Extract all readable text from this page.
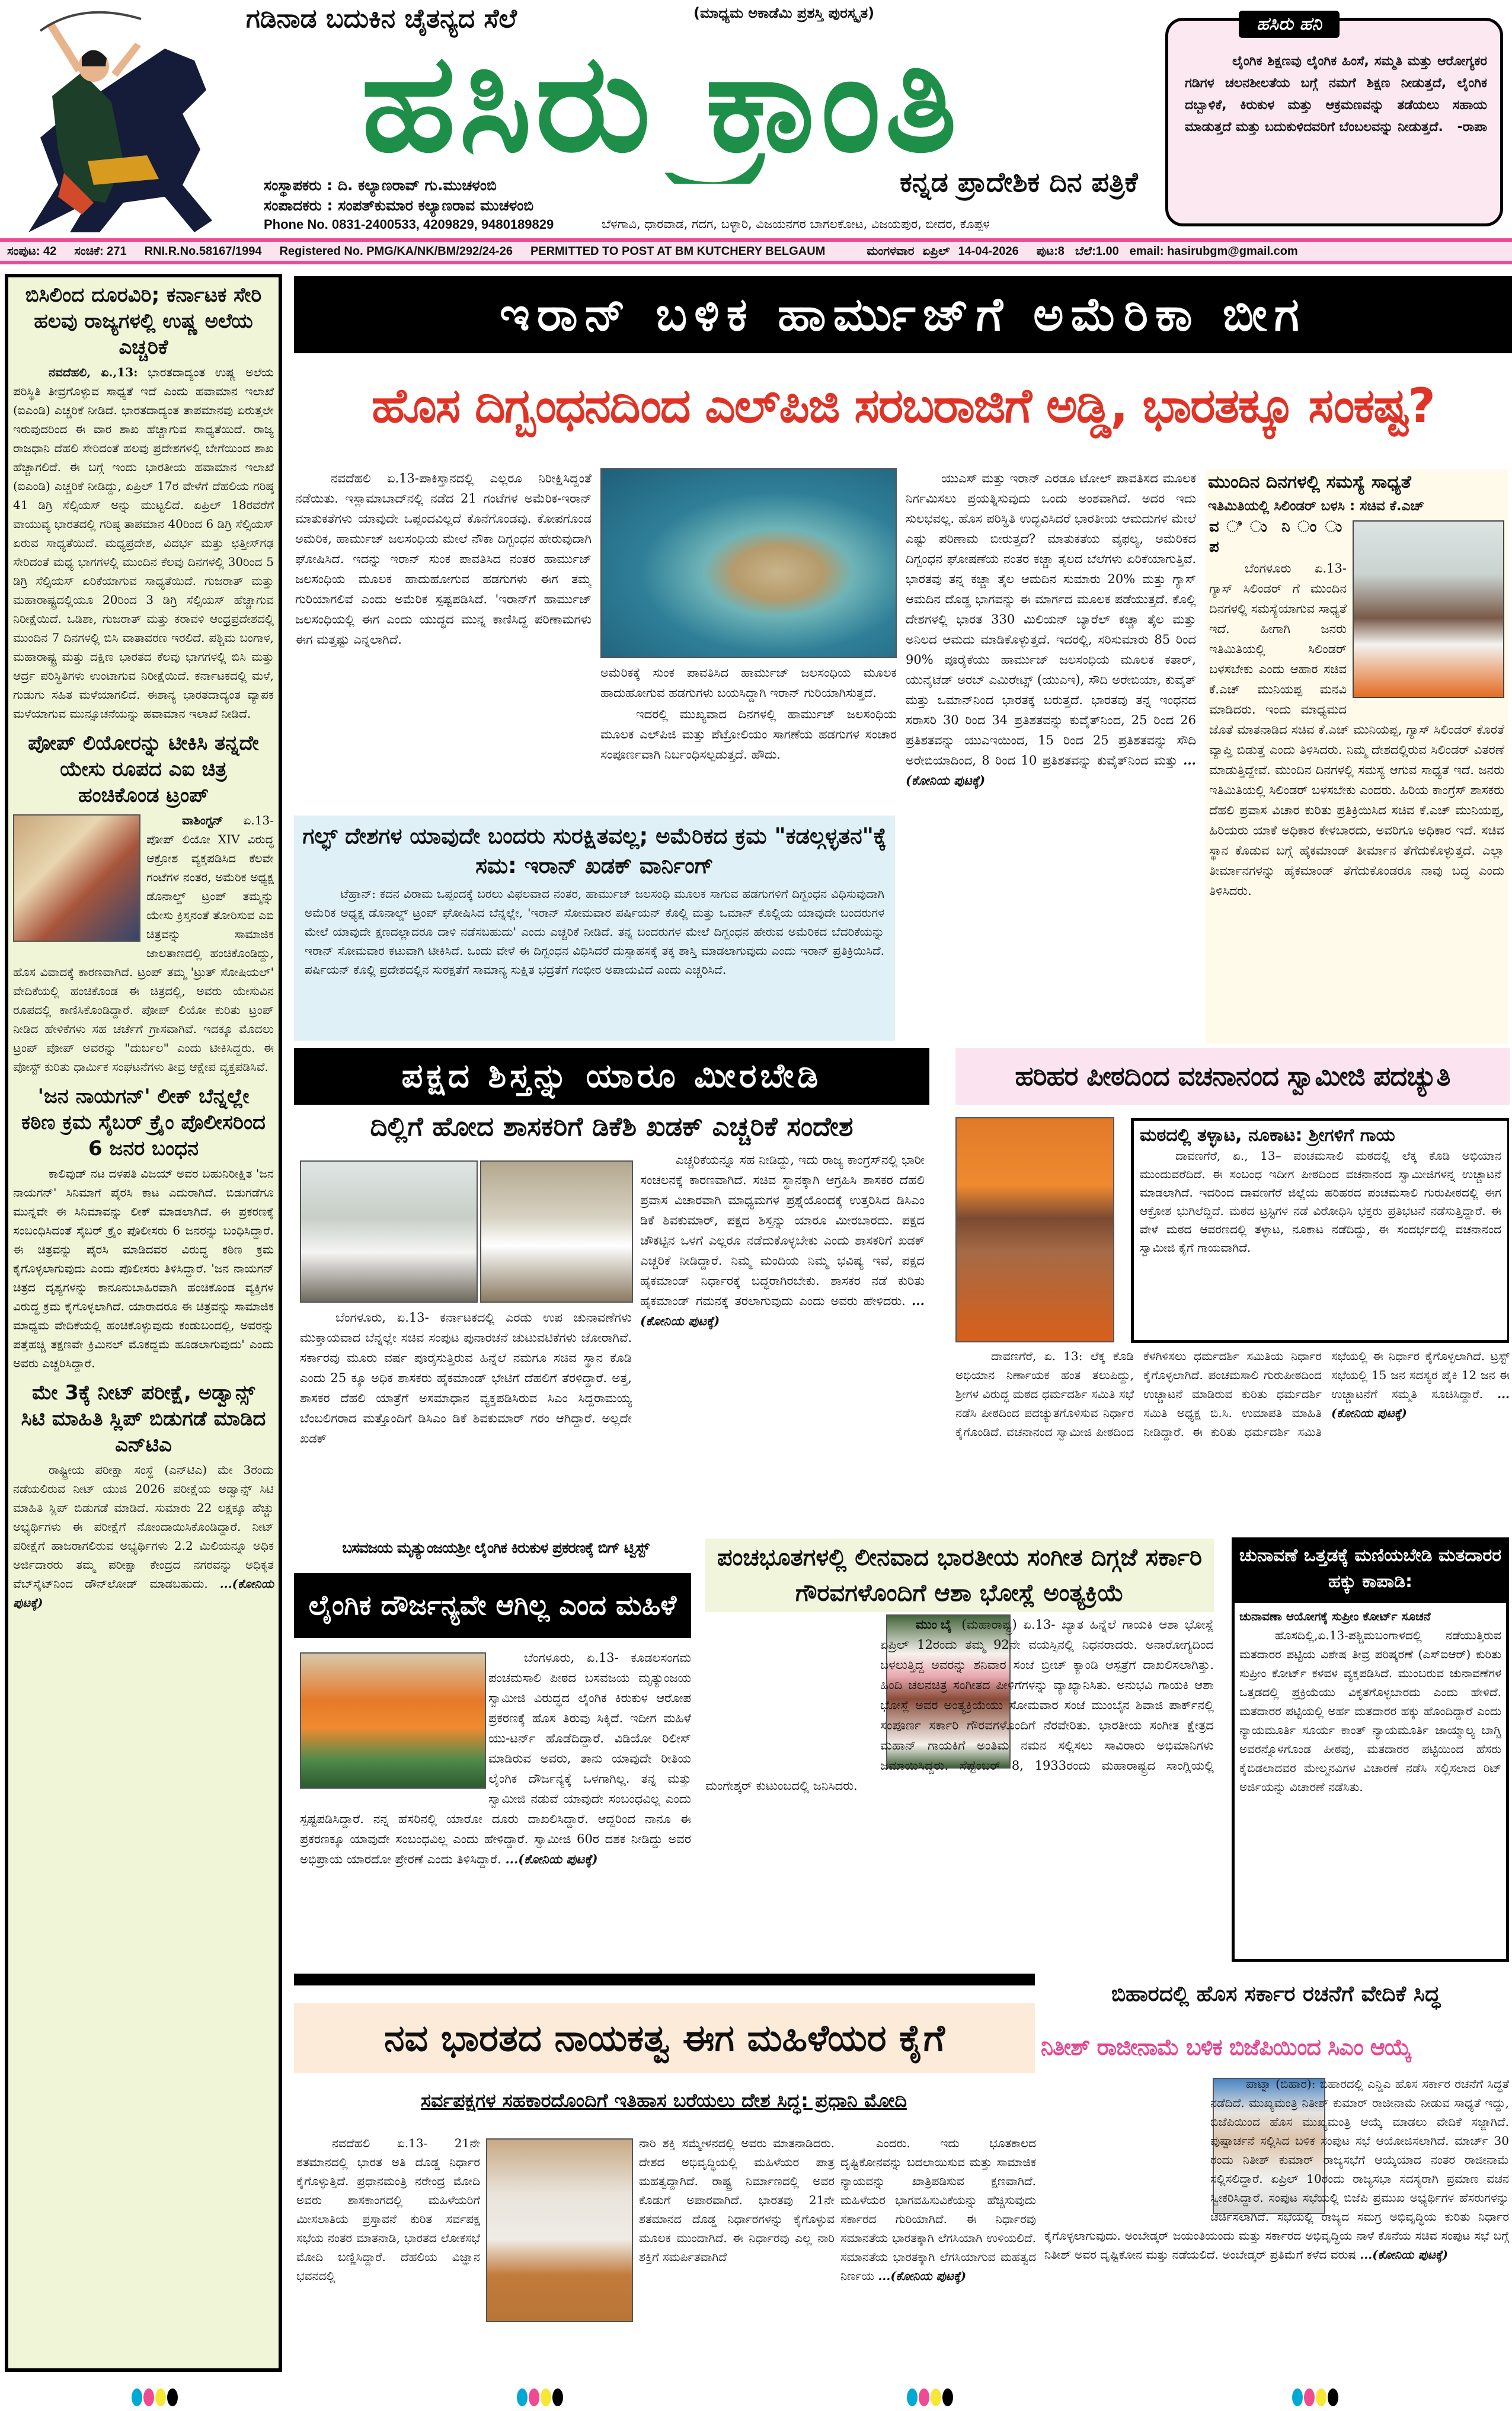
ಗಡಿನಾಡ ಬದುಕಿನ ಚೈತನ್ಯದ ಸೆಲೆ	(ಮಾಧ್ಯಮ ಅಕಾಡೆಮಿ ಪ್ರಶಸ್ತಿ ಪುರಸ್ಕೃತ)
ಹಸಿರು ಕ್ರಾಂತಿ
ಕನ್ನಡ ಪ್ರಾದೇಶಿಕ ದಿನ ಪತ್ರಿಕೆ
ಸಂಸ್ಥಾಪಕರು : ದಿ. ಕಲ್ಯಾಣರಾವ್ ಗು.ಮುಚಳಂಬಿ
ಸಂಪಾದಕರು : ಸಂಪತ್‌ಕುಮಾರ ಕಲ್ಯಾಣರಾವ ಮುಚಳಂಬಿ
Phone No. 0831-2400533, 4209829, 9480189829	ಬೆಳಗಾವಿ, ಧಾರವಾಡ, ಗದಗ, ಬಳ್ಳಾರಿ, ವಿಜಯನಗರ ಬಾಗಲಕೋಟ, ವಿಜಯಪುರ, ಬೀದರ, ಕೊಪ್ಪಳ
ಲೈಂಗಿಕ ಶಿಕ್ಷಣವು ಲೈಂಗಿಕ ಹಿಂಸೆ, ಸಮ್ಮತಿ ಮತ್ತು ಆರೋಗ್ಯಕರ ಗಡಿಗಳ ಚಲನಶೀಲತೆಯ ಬಗ್ಗೆ ನಮಗೆ ಶಿಕ್ಷಣ ನೀಡುತ್ತದೆ, ಲೈಂಗಿಕ ದಬ್ಬಾಳಿಕೆ, ಕಿರುಕುಳ ಮತ್ತು ಆಕ್ರಮಣವನ್ನು ತಡೆಯಲು ಸಹಾಯ ಮಾಡುತ್ತದೆ ಮತ್ತು ಬದುಕುಳಿದವರಿಗೆ ಬೆಂಬಲವನ್ನು ನೀಡುತ್ತದೆ.	-ರಾಪಾ
ಹಸಿರು ಹನಿ
ಸಂಪುಟ: 42 ಸಂಚಿಕೆ: 271 RNI.R.No.58167/1994 Registered No. PMG/KA/NK/BM/292/24-26 PERMITTED TO POST AT BM KUTCHERY BELGAUM	ಮಂಗಳವಾರ ಏಪ್ರಿಲ್ 14-04-2026 ಪುಟ:8 ಬೆಲೆ:1.00 email: hasirubgm@gmail.com
ಬಿಸಿಲಿಂದ ದೂರವಿರಿ; ಕರ್ನಾಟಕ ಸೇರಿ ಹಲವು ರಾಜ್ಯಗಳಲ್ಲಿ ಉಷ್ಣ ಅಲೆಯ ಎಚ್ಚರಿಕೆ

ನವದೆಹಲಿ, ಏ.,13: ಭಾರತದಾದ್ಯಂತ ಉಷ್ಣ ಅಲೆಯ ಪರಿಸ್ಥಿತಿ ತೀವ್ರಗೊಳ್ಳುವ ಸಾಧ್ಯತೆ ಇದೆ ಎಂದು ಹವಾಮಾನ ಇಲಾಖೆ (ಐಎಂಡಿ) ಎಚ್ಚರಿಕೆ ನೀಡಿದೆ. ಭಾರತದಾದ್ಯಂತ ತಾಪಮಾನವು ಏರುತ್ತಲೇ ಇರುವುದರಿಂದ ಈ ವಾರ ಶಾಖ ಹೆಚ್ಚಾಗುವ ಸಾಧ್ಯತೆಯಿದೆ. ರಾಜ್ಯ ರಾಜಧಾನಿ ದೆಹಲಿ ಸೇರಿದಂತೆ ಹಲವು ಪ್ರದೇಶಗಳಲ್ಲಿ ಬೇಗೆಯಿಂದ ಶಾಖ ಹೆಚ್ಚಾಗಲಿದೆ. ಈ ಬಗ್ಗೆ ಇಂದು ಭಾರತೀಯ ಹವಾಮಾನ ಇಲಾಖೆ (ಐಎಂಡಿ) ಎಚ್ಚರಿಕೆ ನೀಡಿದ್ದು, ಏಪ್ರಿಲ್ 17ರ ವೇಳೆಗೆ ದೆಹಲಿಯ ಗರಿಷ್ಠ 41 ಡಿಗ್ರಿ ಸೆಲ್ಸಿಯಸ್ ಅನ್ನು ಮುಟ್ಟಲಿದೆ. ಏಪ್ರಿಲ್ 18ರವರೆಗೆ ವಾಯುವ್ಯ ಭಾರತದಲ್ಲಿ ಗರಿಷ್ಠ ತಾಪಮಾನ 40ರಿಂದ 6 ಡಿಗ್ರಿ ಸೆಲ್ಸಿಯಸ್ ಏರುವ ಸಾಧ್ಯತೆಯಿದೆ. ಮಧ್ಯಪ್ರದೇಶ, ವಿದರ್ಭ ಮತ್ತು ಛತ್ತೀಸ್‌ಗಢ ಸೇರಿದಂತೆ ಮಧ್ಯ ಭಾಗಗಳಲ್ಲಿ ಮುಂದಿನ ಕೆಲವು ದಿನಗಳಲ್ಲಿ 30ರಿಂದ 5 ಡಿಗ್ರಿ ಸೆಲ್ಸಿಯಸ್ ಏರಿಕೆಯಾಗುವ ಸಾಧ್ಯತೆಯಿದೆ. ಗುಜರಾತ್ ಮತ್ತು ಮಹಾರಾಷ್ಟ್ರದಲ್ಲಿಯೂ 20ರಿಂದ 3 ಡಿಗ್ರಿ ಸೆಲ್ಸಿಯಸ್ ಹೆಚ್ಚಾಗುವ ನಿರೀಕ್ಷೆಯಿದೆ. ಒಡಿಶಾ, ಗುಜರಾತ್ ಮತ್ತು ಕರಾವಳಿ ಆಂಧ್ರಪ್ರದೇಶದಲ್ಲಿ ಮುಂದಿನ 7 ದಿನಗಳಲ್ಲಿ ಬಿಸಿ ವಾತಾವರಣ ಇರಲಿದೆ. ಪಶ್ಚಿಮ ಬಂಗಾಳ, ಮಹಾರಾಷ್ಟ್ರ ಮತ್ತು ದಕ್ಷಿಣ ಭಾರತದ ಕೆಲವು ಭಾಗಗಳಲ್ಲಿ ಬಿಸಿ ಮತ್ತು ಆರ್ದ್ರ ಪರಿಸ್ಥಿತಿಗಳು ಉಂಟಾಗುವ ನಿರೀಕ್ಷೆಯಿದೆ. ಕರ್ನಾಟಕದಲ್ಲಿ ಮಳೆ, ಗುಡುಗು ಸಹಿತ ಮಳೆಯಾಗಲಿದೆ. ಈಶಾನ್ಯ ಭಾರತದಾದ್ಯಂತ ವ್ಯಾಪಕ ಮಳೆಯಾಗುವ ಮುನ್ಸೂಚನೆಯನ್ನು ಹವಾಮಾನ ಇಲಾಖೆ ನೀಡಿದೆ.

ಪೋಪ್ ಲಿಯೋರನ್ನು ಟೀಕಿಸಿ ತನ್ನದೇ ಯೇಸು ರೂಪದ ಎಐ ಚಿತ್ರ ಹಂಚಿಕೊಂಡ ಟ್ರಂಪ್

ವಾಶಿಂಗ್ಟನ್ ಏ.13-ಪೋಪ್ ಲಿಯೋ XIV ವಿರುದ್ಧ ಆಕ್ರೋಶ ವ್ಯಕ್ತಪಡಿಸಿದ ಕೆಲವೇ ಗಂಟೆಗಳ ನಂತರ, ಅಮೆರಿಕ ಅಧ್ಯಕ್ಷ ಡೊನಾಲ್ಡ್ ಟ್ರಂಪ್ ತಮ್ಮನ್ನು ಯೇಸು ಕ್ರಿಸ್ತನಂತೆ ತೋರಿಸುವ ಎಐ ಚಿತ್ರವನ್ನು ಸಾಮಾಜಿಕ ಜಾಲತಾಣದಲ್ಲಿ ಹಂಚಿಕೊಂಡಿದ್ದು, ಹೊಸ ವಿವಾದಕ್ಕೆ ಕಾರಣವಾಗಿದೆ. ಟ್ರಂಪ್ ತಮ್ಮ 'ಟ್ರುತ್ ಸೋಷಿಯಲ್' ವೇದಿಕೆಯಲ್ಲಿ ಹಂಚಿಕೊಂಡ ಈ ಚಿತ್ರದಲ್ಲಿ, ಅವರು ಯೇಸುವಿನ ರೂಪದಲ್ಲಿ ಕಾಣಿಸಿಕೊಂಡಿದ್ದಾರೆ. ಪೋಪ್ ಲಿಯೋ ಕುರಿತು ಟ್ರಂಪ್ ನೀಡಿದ ಹೇಳಿಕೆಗಳು ಸಹ ಚರ್ಚೆಗೆ ಗ್ರಾಸವಾಗಿವೆ. ಇದಕ್ಕೂ ಮೊದಲು ಟ್ರಂಪ್ ಪೋಪ್ ಅವರನ್ನು "ದುರ್ಬಲ" ಎಂದು ಟೀಕಿಸಿದ್ದರು. ಈ ಪೋಸ್ಟ್ ಕುರಿತು ಧಾರ್ಮಿಕ ಸಂಘಟನೆಗಳು ತೀವ್ರ ಆಕ್ಷೇಪ ವ್ಯಕ್ತಪಡಿಸಿವೆ.

'ಜನ ನಾಯಗನ್' ಲೀಕ್ ಬೆನ್ನಲ್ಲೇ ಕಠಿಣ ಕ್ರಮ ಸೈಬರ್ ಕ್ರೈಂ ಪೊಲೀಸರಿಂದ 6 ಜನರ ಬಂಧನ

ಕಾಲಿವುಡ್ ನಟ ದಳಪತಿ ವಿಜಯ್ ಅವರ ಬಹುನಿರೀಕ್ಷಿತ 'ಜನ ನಾಯಗನ್' ಸಿನಿಮಾಗೆ ಪೈರಸಿ ಕಾಟ ಎದುರಾಗಿದೆ. ಬಿಡುಗಡೆಗೂ ಮುನ್ನವೇ ಈ ಸಿನಿಮಾವನ್ನು ಲೀಕ್ ಮಾಡಲಾಗಿದೆ. ಈ ಪ್ರಕರಣಕ್ಕೆ ಸಂಬಂಧಿಸಿದಂತೆ ಸೈಬರ್ ಕ್ರೈಂ ಪೊಲೀಸರು 6 ಜನರನ್ನು ಬಂಧಿಸಿದ್ದಾರೆ. ಈ ಚಿತ್ರವನ್ನು ಪೈರಸಿ ಮಾಡಿದವರ ವಿರುದ್ಧ ಕಠಿಣ ಕ್ರಮ ಕೈಗೊಳ್ಳಲಾಗುವುದು ಎಂದು ಪೊಲೀಸರು ತಿಳಿಸಿದ್ದಾರೆ. 'ಜನ ನಾಯಗನ್ ಚಿತ್ರದ ದೃಶ್ಯಗಳನ್ನು ಕಾನೂನುಬಾಹಿರವಾಗಿ ಹಂಚಿಕೊಂಡ ವ್ಯಕ್ತಿಗಳ ವಿರುದ್ಧ ಕ್ರಮ ಕೈಗೊಳ್ಳಲಾಗಿದೆ. ಯಾರಾದರೂ ಈ ಚಿತ್ರವನ್ನು ಸಾಮಾಜಿಕ ಮಾಧ್ಯಮ ವೇದಿಕೆಯಲ್ಲಿ ಹಂಚಿಕೊಳ್ಳುವುದು ಕಂಡುಬಂದಲ್ಲಿ, ಅವರನ್ನು ಪತ್ತೆಹಚ್ಚಿ ತಕ್ಷಣವೇ ಕ್ರಿಮಿನಲ್ ಮೊಕದ್ದಮೆ ಹೂಡಲಾಗುವುದು' ಎಂದು ಅವರು ಎಚ್ಚರಿಸಿದ್ದಾರೆ.

ಮೇ 3ಕ್ಕೆ ನೀಟ್ ಪರೀಕ್ಷೆ, ಅಡ್ವಾನ್ಸ್ ಸಿಟಿ ಮಾಹಿತಿ ಸ್ಲಿಪ್ ಬಿಡುಗಡೆ ಮಾಡಿದ ಎನ್‌ಟಿಎ

ರಾಷ್ಟ್ರೀಯ ಪರೀಕ್ಷಾ ಸಂಸ್ಥೆ (ಎನ್‌ಟಿಎ) ಮೇ 3ರಂದು ನಡೆಯಲಿರುವ ನೀಟ್ ಯುಜಿ 2026 ಪರೀಕ್ಷೆಯ ಅಡ್ವಾನ್ಸ್ ಸಿಟಿ ಮಾಹಿತಿ ಸ್ಲಿಪ್ ಬಿಡುಗಡೆ ಮಾಡಿದೆ. ಸುಮಾರು 22 ಲಕ್ಷಕ್ಕೂ ಹೆಚ್ಚು ಅಭ್ಯರ್ಥಿಗಳು ಈ ಪರೀಕ್ಷೆಗೆ ನೋಂದಾಯಿಸಿಕೊಂಡಿದ್ದಾರೆ. ನೀಟ್ ಪರೀಕ್ಷೆಗೆ ಹಾಜರಾಗಲಿರುವ ಅಭ್ಯರ್ಥಿಗಳು 2.2 ಮಿಲಿಯನ್ನೂ ಅಧಿಕ ಅರ್ಜಿದಾರರು ತಮ್ಮ ಪರೀಕ್ಷಾ ಕೇಂದ್ರದ ನಗರವನ್ನು ಅಧಿಕೃತ ವೆಬ್‌ಸೈಟ್‌ನಿಂದ ಡೌನ್‌ಲೋಡ್ ಮಾಡಬಹುದು. ...(ಕೋನಿಯ ಪುಟಕ್ಕೆ)

ಇರಾನ್ ಬಳಿಕ ಹಾರ್ಮುಜ್‌ಗೆ ಅಮೆರಿಕಾ ಬೀಗ
ಹೊಸ ದಿಗ್ಬಂಧನದಿಂದ ಎಲ್‌ಪಿಜಿ ಸರಬರಾಜಿಗೆ ಅಡ್ಡಿ, ಭಾರತಕ್ಕೂ ಸಂಕಷ್ಟ?

ನವದೆಹಲಿ ಏ.13-ಪಾಕಿಸ್ತಾನದಲ್ಲಿ ಎಲ್ಲರೂ ನಿರೀಕ್ಷಿಸಿದ್ದಂತೆ ನಡೆಯಿತು. ಇಸ್ಲಾಮಾಬಾದ್‌ನಲ್ಲಿ ನಡೆದ 21 ಗಂಟೆಗಳ ಅಮೆರಿಕ-ಇರಾನ್ ಮಾತುಕತೆಗಳು ಯಾವುದೇ ಒಪ್ಪಂದವಿಲ್ಲದೆ ಕೊನೆಗೊಂಡವು. ಕೋಪಗೊಂಡ ಅಮೆರಿಕ, ಹಾರ್ಮುಜ್ ಜಲಸಂಧಿಯ ಮೇಲೆ ನೌಕಾ ದಿಗ್ಬಂಧನ ಹೇರುವುದಾಗಿ ಘೋಷಿಸಿದೆ. ಇದನ್ನು ಇರಾನ್ ಸುಂಕ ಪಾವತಿಸಿದ ನಂತರ ಹಾರ್ಮುಜ್ ಜಲಸಂಧಿಯ ಮೂಲಕ ಹಾದುಹೋಗುವ ಹಡಗುಗಳು ಈಗ ತಮ್ಮ ಗುರಿಯಾಗಲಿವೆ ಎಂದು ಅಮೆರಿಕ ಸ್ಪಷ್ಟಪಡಿಸಿದೆ. 'ಇರಾನ್‌ಗೆ ಹಾರ್ಮುಜ್ ಜಲಸಂಧಿಯಲ್ಲಿ ಈಗ ಎಂದು ಯುದ್ಧದ ಮುನ್ನ ಕಾಣಿಸಿದ್ದ ಪರಿಣಾಮಗಳು ಈಗ ಮತ್ತಷ್ಟು ಎನ್ನಲಾಗಿದೆ.

ಅಮೆರಿಕಕ್ಕೆ ಸುಂಕ ಪಾವತಿಸಿದ ಹಾರ್ಮುಜ್ ಜಲಸಂಧಿಯ ಮೂಲಕ ಹಾದುಹೋಗುವ ಹಡಗುಗಳು ಬಯಸಿದ್ದಾಗಿ ಇರಾನ್ ಗುರಿಯಾಗಿಸುತ್ತದೆ.

ಇದರಲ್ಲಿ ಮುಖ್ಯವಾದ ದಿನಗಳಲ್ಲಿ ಹಾರ್ಮುಜ್ ಜಲಸಂಧಿಯ ಮೂಲಕ ಎಲ್‌ಪಿಜಿ ಮತ್ತು ಪೆಟ್ರೋಲಿಯಂ ಸಾಗಣೆಯ ಹಡಗುಗಳ ಸಂಚಾರ ಸಂಪೂರ್ಣವಾಗಿ ನಿರ್ಬಂಧಿಸಲ್ಪಡುತ್ತದೆ. ಹೌದು.

ಯುಎಸ್ ಮತ್ತು ಇರಾನ್ ಎರಡೂ ಟೋಲ್ ಪಾವತಿಸದ ಮೂಲಕ ನಿರ್ಗಮಿಸಲು ಪ್ರಯತ್ನಿಸುವುದು ಒಂದು ಅಂಶವಾಗಿದೆ. ಅದರ ಇದು ಸುಲಭವಲ್ಲ. ಹೊಸ ಪರಿಸ್ಥಿತಿ ಉದ್ಭವಿಸಿದರೆ ಭಾರತೀಯ ಆಮದುಗಳ ಮೇಲೆ ಎಷ್ಟು ಪರಿಣಾಮ ಬೀರುತ್ತದೆ? ಮಾತುಕತೆಯ ವೈಫಲ್ಯ, ಅಮೆರಿಕದ ದಿಗ್ಬಂಧನ ಘೋಷಣೆಯ ನಂತರ ಕಚ್ಚಾ ತೈಲದ ಬೆಲೆಗಳು ಏರಿಕೆಯಾಗುತ್ತಿವೆ. ಭಾರತವು ತನ್ನ ಕಚ್ಚಾ ತೈಲ ಆಮದಿನ ಸುಮಾರು 20% ಮತ್ತು ಗ್ಯಾಸ್ ಆಮದಿನ ದೊಡ್ಡ ಭಾಗವನ್ನು ಈ ಮಾರ್ಗದ ಮೂಲಕ ಪಡೆಯುತ್ತದೆ. ಕೊಲ್ಲಿ ದೇಶಗಳಲ್ಲಿ ಭಾರತ 330 ಮಿಲಿಯನ್ ಬ್ಯಾರೆಲ್ ಕಚ್ಚಾ ತೈಲ ಮತ್ತು ಅನಿಲದ ಆಮದು ಮಾಡಿಕೊಳ್ಳುತ್ತದೆ. ಇದರಲ್ಲಿ, ಸರಿಸುಮಾರು 85 ರಿಂದ 90% ಪೂರೈಕೆಯು ಹಾರ್ಮುಜ್ ಜಲಸಂಧಿಯ ಮೂಲಕ ಕತಾರ್, ಯುನೈಟೆಡ್ ಅರಬ್ ಎಮಿರೇಟ್ಸ್ (ಯುಎಇ), ಸೌದಿ ಅರೇಬಿಯಾ, ಕುವೈತ್ ಮತ್ತು ಒಮಾನ್‌ನಿಂದ ಭಾರತಕ್ಕೆ ಬರುತ್ತದೆ. ಭಾರತವು ತನ್ನ ಇಂಧನದ ಸರಾಸರಿ 30 ರಿಂದ 34 ಪ್ರತಿಶತವನ್ನು ಕುವೈತ್‌ನಿಂದ, 25 ರಿಂದ 26 ಪ್ರತಿಶತವನ್ನು ಯುಎಇಯಿಂದ, 15 ರಿಂದ 25 ಪ್ರತಿಶತವನ್ನು ಸೌದಿ ಅರೇಬಿಯಾದಿಂದ, 8 ರಿಂದ 10 ಪ್ರತಿಶತವನ್ನು ಕುವೈತ್‌ನಿಂದ ಮತ್ತು ...(ಕೋನಿಯ ಪುಟಕ್ಕೆ)

ಗಲ್ಫ್ ದೇಶಗಳ ಯಾವುದೇ ಬಂದರು ಸುರಕ್ಷಿತವಲ್ಲ; ಅಮೆರಿಕದ ಕ್ರಮ "ಕಡಲ್ಗಳ್ಳತನ"ಕ್ಕೆ ಸಮ: ಇರಾನ್ ಖಡಕ್ ವಾರ್ನಿಂಗ್

ಟೆಹ್ರಾನ್: ಕದನ ವಿರಾಮ ಒಪ್ಪಂದಕ್ಕೆ ಬರಲು ವಿಫಲವಾದ ನಂತರ, ಹಾರ್ಮುಜ್ ಜಲಸಂಧಿ ಮೂಲಕ ಸಾಗುವ ಹಡಗುಗಳಿಗೆ ದಿಗ್ಬಂಧನ ವಿಧಿಸುವುದಾಗಿ ಅಮೆರಿಕ ಅಧ್ಯಕ್ಷ ಡೊನಾಲ್ಡ್ ಟ್ರಂಪ್ ಘೋಷಿಸಿದ ಬೆನ್ನಲ್ಲೇ, 'ಇರಾನ್ ಸೋಮವಾರ ಪರ್ಷಿಯನ್ ಕೊಲ್ಲಿ ಮತ್ತು ಒಮಾನ್ ಕೊಲ್ಲಿಯ ಯಾವುದೇ ಬಂದರುಗಳ ಮೇಲೆ ಯಾವುದೇ ಕ್ಷಣದಲ್ಲಾದರೂ ದಾಳಿ ನಡೆಸಬಹುದು' ಎಂದು ಎಚ್ಚರಿಕೆ ನೀಡಿದೆ. ತನ್ನ ಬಂದರುಗಳ ಮೇಲೆ ದಿಗ್ಬಂಧನ ಹೇರುವ ಅಮೆರಿಕದ ಬೆದರಿಕೆಯನ್ನು ಇರಾನ್ ಸೋಮವಾರ ಕಟುವಾಗಿ ಟೀಕಿಸಿದೆ. ಒಂದು ವೇಳೆ ಈ ದಿಗ್ಬಂಧನ ವಿಧಿಸಿದರೆ ದುಸ್ಸಾಹಸಕ್ಕೆ ತಕ್ಕ ಶಾಸ್ತಿ ಮಾಡಲಾಗುವುದು ಎಂದು ಇರಾನ್ ಪ್ರತಿಕ್ರಿಯಿಸಿದೆ. ಪರ್ಷಿಯನ್ ಕೊಲ್ಲಿ ಪ್ರದೇಶದಲ್ಲಿನ ಸುರಕ್ಷತೆಗೆ ಸಾಮಾನ್ಯ ಸುಕ್ಷಿತ ಭದ್ರತೆಗೆ ಗಂಭೀರ ಅಪಾಯವಿದೆ ಎಂದು ಎಚ್ಚರಿಸಿದೆ.

ಮುಂದಿನ ದಿನಗಳಲ್ಲಿ ಸಮಸ್ಯೆ ಸಾಧ್ಯತೆ
ಇತಿಮಿತಿಯಲ್ಲಿ ಸಿಲಿಂಡರ್ ಬಳಸಿ : ಸಚಿವ ಕೆ.ಎಚ್

ವ ಿ ು ನಿ ಂ ು ಪ

ಬೆಂಗಳೂರು ಏ.13- ಗ್ಯಾಸ್ ಸಿಲಿಂಡರ್ ಗೆ ಮುಂದಿನ ದಿನಗಳಲ್ಲಿ ಸಮಸ್ಯೆಯಾಗುವ ಸಾಧ್ಯತೆ ಇದೆ. ಹೀಗಾಗಿ ಜನರು ಇತಿಮಿತಿಯಲ್ಲಿ ಸಿಲಿಂಡರ್ ಬಳಸಬೇಕು ಎಂದು ಆಹಾರ ಸಚಿವ ಕೆ.ಎಚ್ ಮುನಿಯಪ್ಪ ಮನವಿ ಮಾಡಿದರು. ಇಂದು ಮಾಧ್ಯಮದ ಜೊತೆ ಮಾತನಾಡಿದ ಸಚಿವ ಕೆ.ಎಚ್ ಮುನಿಯಪ್ಪ, ಗ್ಯಾಸ್ ಸಿಲಿಂಡರ್ ಕೊರತೆ ವ್ಯಾಪ್ತಿ ಬಿಡುತ್ತೆ ಎಂದು ತಿಳಿಸಿದರು. ನಿಮ್ಮ ದೇಶದಲ್ಲಿರುವ ಸಿಲಿಂಡರ್ ವಿತರಣೆ ಮಾಡುತ್ತಿದ್ದೇವೆ. ಮುಂದಿನ ದಿನಗಳಲ್ಲಿ ಸಮಸ್ಯೆ ಆಗುವ ಸಾಧ್ಯತೆ ಇದೆ. ಜನರು ಇತಿಮಿತಿಯಲ್ಲಿ ಸಿಲಿಂಡರ್ ಬಳಸಬೇಕು ಎಂದರು. ಹಿರಿಯ ಕಾಂಗ್ರೆಸ್ ಶಾಸಕರು ದೆಹಲಿ ಪ್ರವಾಸ ವಿಚಾರ ಕುರಿತು ಪ್ರತಿಕ್ರಿಯಿಸಿದ ಸಚಿವ ಕೆ.ಎಚ್ ಮುನಿಯಪ್ಪ, ಹಿರಿಯರು ಯಾಕೆ ಅಧಿಕಾರ ಕೇಳಬಾರದು, ಅವರಿಗೂ ಅಧಿಕಾರ ಇದೆ. ಸಚಿವ ಸ್ಥಾನ ಕೊಡುವ ಬಗ್ಗೆ ಹೈಕಮಾಂಡ್ ತೀರ್ಮಾನ ತೆಗೆದುಕೊಳ್ಳುತ್ತದೆ. ಎಲ್ಲಾ ತೀರ್ಮಾನಗಳನ್ನು ಹೈಕಮಾಂಡ್ ತೆಗೆದುಕೊಂಡರೂ ನಾವು ಬದ್ಧ ಎಂದು ತಿಳಿಸಿದರು.

ಪಕ್ಷದ ಶಿಸ್ತನ್ನು ಯಾರೂ ಮೀರಬೇಡಿ
ದಿಲ್ಲಿಗೆ ಹೋದ ಶಾಸಕರಿಗೆ ಡಿಕೆಶಿ ಖಡಕ್ ಎಚ್ಚರಿಕೆ ಸಂದೇಶ

ಬೆಂಗಳೂರು, ಏ.13- ಕರ್ನಾಟಕದಲ್ಲಿ ಎರಡು ಉಪ ಚುನಾವಣೆಗಳು ಮುಕ್ತಾಯವಾದ ಬೆನ್ನಲ್ಲೇ ಸಚಿವ ಸಂಪುಟ ಪುನಾರಚನೆ ಚುಟುವಟಿಕೆಗಳು ಜೋರಾಗಿವೆ. ಸರ್ಕಾರವು ಮೂರು ವರ್ಷ ಪೂರೈಸುತ್ತಿರುವ ಹಿನ್ನೆಲೆ ನಮಗೂ ಸಚಿವ ಸ್ಥಾನ ಕೊಡಿ ಎಂದು 25 ಕ್ಕೂ ಅಧಿಕ ಶಾಸಕರು ಹೈಕಮಾಂಡ್ ಭೇಟಿಗೆ ದೆಹಲಿಗೆ ತೆರಳಿದ್ದಾರೆ. ಅತ್ತ, ಶಾಸಕರ ದೆಹಲಿ ಯಾತ್ರೆಗೆ ಅಸಮಾಧಾನ ವ್ಯಕ್ತಪಡಿಸಿರುವ ಸಿಎಂ ಸಿದ್ದರಾಮಯ್ಯ ಬೆಂಬಲಿಗರಾದ ಮತ್ತೊಂದಿಗೆ ಡಿಸಿಎಂ ಡಿಕೆ ಶಿವಕುಮಾರ್ ಗರಂ ಆಗಿದ್ದಾರೆ. ಅಲ್ಲದೇ ಖಡಕ್

ಎಚ್ಚರಿಕೆಯನ್ನೂ ಸಹ ನೀಡಿದ್ದು, ಇದು ರಾಜ್ಯ ಕಾಂಗ್ರೆಸ್‌ನಲ್ಲಿ ಭಾರೀ ಸಂಚಲನಕ್ಕೆ ಕಾರಣವಾಗಿದೆ. ಸಚಿವ ಸ್ಥಾನಕ್ಕಾಗಿ ಆಗ್ರಹಿಸಿ ಶಾಸಕರ ದೆಹಲಿ ಪ್ರವಾಸ ವಿಚಾರವಾಗಿ ಮಾಧ್ಯಮಗಳ ಪ್ರಶ್ನೆಯೊಂದಕ್ಕೆ ಉತ್ತರಿಸಿದ ಡಿಸಿಎಂ ಡಿಕೆ ಶಿವಕುಮಾರ್, ಪಕ್ಷದ ಶಿಸ್ತನ್ನು ಯಾರೂ ಮೀರಬಾರದು. ಪಕ್ಷದ ಚೌಕಟ್ಟಿನ ಒಳಗೆ ಎಲ್ಲರೂ ನಡೆದುಕೊಳ್ಳಬೇಕು ಎಂದು ಶಾಸಕರಿಗೆ ಖಡಕ್ ಎಚ್ಚರಿಕೆ ನೀಡಿದ್ದಾರೆ. ನಿಮ್ಮ ಮಂದಿಯ ನಿಮ್ಮ ಭವಿಷ್ಯ ಇವೆ, ಪಕ್ಷದ ಹೈಕಮಾಂಡ್ ನಿರ್ಧಾರಕ್ಕೆ ಬದ್ಧರಾಗಿರಬೇಕು. ಶಾಸಕರ ನಡೆ ಕುರಿತು ಹೈಕಮಾಂಡ್ ಗಮನಕ್ಕೆ ತರಲಾಗುವುದು ಎಂದು ಅವರು ಹೇಳಿದರು. ...(ಕೋನಿಯ ಪುಟಕ್ಕೆ)

ಹರಿಹರ ಪೀಠದಿಂದ ವಚನಾನಂದ ಸ್ವಾಮೀಜಿ ಪದಚ್ಯುತಿ
ಮಠದಲ್ಲಿ ತಳ್ಳಾಟ, ನೂಕಾಟ: ಶ್ರೀಗಳಿಗೆ ಗಾಯ

ದಾವಣಗೆರೆ, ಏ., 13– ಪಂಚಮಸಾಲಿ ಮಠದಲ್ಲಿ ಲೆಕ್ಕ ಕೊಡಿ ಅಭಿಯಾನ ಮುಂದುವರೆದಿದೆ. ಈ ಸಂಬಂಧ ಇದೀಗ ಪೀಠದಿಂದ ವಚನಾನಂದ ಸ್ವಾಮೀಜಿಗಳನ್ನ ಉಚ್ಚಾಟನೆ ಮಾಡಲಾಗಿದೆ. ಇದರಿಂದ ದಾವಣಗೆರೆ ಜಿಲ್ಲೆಯ ಹರಿಹರದ ಪಂಚಮಸಾಲಿ ಗುರುಪೀಠದಲ್ಲಿ ಈಗ ಆಕ್ರೋಶ ಭುಗಿಲೆದ್ದಿದೆ. ಮಠದ ಟ್ರಸ್ಟಿಗಳ ನಡೆ ವಿರೋಧಿಸಿ ಭಕ್ತರು ಪ್ರತಿಭಟನೆ ನಡೆಸುತ್ತಿದ್ದಾರೆ. ಈ ವೇಳೆ ಮಠದ ಆವರಣದಲ್ಲಿ ತಳ್ಳಾಟ, ನೂಕಾಟ ನಡೆದಿದ್ದು, ಈ ಸಂದರ್ಭದಲ್ಲಿ ವಚನಾನಂದ ಸ್ವಾಮೀಜಿ ಕೈಗೆ ಗಾಯವಾಗಿದೆ.

ದಾವಣಗೆರೆ, ಏ. 13: ಲೆಕ್ಕ ಕೊಡಿ ಅಭಿಯಾನ ನಿರ್ಣಾಯಕ ಹಂತ ತಲುಪಿದ್ದು, ಶ್ರೀಗಳ ವಿರುದ್ಧ ಮಠದ ಧರ್ಮದರ್ಶಿ ಸಮಿತಿ ಸಭೆ ನಡೆಸಿ ಪೀಠದಿಂದ ಪದಚ್ಯುತಗೊಳಿಸುವ ನಿರ್ಧಾರ ಕೈಗೊಂಡಿದೆ. ವಚನಾನಂದ ಸ್ವಾಮೀಜಿ ಪೀಠದಿಂದ ಕೆಳಗಿಳಿಸಲು ಧರ್ಮದರ್ಶಿ ಸಮಿತಿಯ ನಿರ್ಧಾರ ಕೈಗೊಳ್ಳಲಾಗಿದೆ. ಪಂಚಮಸಾಲಿ ಗುರುಪೀಠದಿಂದ ಉಚ್ಚಾಟನೆ ಮಾಡಿರುವ ಕುರಿತು ಧರ್ಮದರ್ಶಿ ಸಮಿತಿ ಅಧ್ಯಕ್ಷ ಬಿ.ಸಿ. ಉಮಾಪತಿ ಮಾಹಿತಿ ನೀಡಿದ್ದಾರೆ. ಈ ಕುರಿತು ಧರ್ಮದರ್ಶಿ ಸಮಿತಿ ಸಭೆಯಲ್ಲಿ ಈ ನಿರ್ಧಾರ ಕೈಗೊಳ್ಳಲಾಗಿದೆ. ಟ್ರಸ್ಟ್ ಸಭೆಯಲ್ಲಿ 15 ಜನ ಸದಸ್ಯರ ಪೈಕಿ 12 ಜನ ಈ ಉಚ್ಚಾಟನೆಗೆ ಸಮ್ಮತಿ ಸೂಚಿಸಿದ್ದಾರೆ. ...(ಕೋನಿಯ ಪುಟಕ್ಕೆ)

ಬಸವಜಯ ಮೃತ್ಯುಂಜಯಶ್ರೀ ಲೈಂಗಿಕ ಕಿರುಕುಳ ಪ್ರಕರಣಕ್ಕೆ ಬಿಗ್ ಟ್ವಿಸ್ಟ್
ಲೈಂಗಿಕ ದೌರ್ಜನ್ಯವೇ ಆಗಿಲ್ಲ ಎಂದ ಮಹಿಳೆ

ಬೆಂಗಳೂರು, ಏ.13- ಕೂಡಲಸಂಗಮ ಪಂಚಮಸಾಲಿ ಪೀಠದ ಬಸವಜಯ ಮೃತ್ಯುಂಜಯ ಸ್ವಾಮೀಜಿ ವಿರುದ್ಧದ ಲೈಂಗಿಕ ಕಿರುಕುಳ ಆರೋಪ ಪ್ರಕರಣಕ್ಕೆ ಹೊಸ ತಿರುವು ಸಿಕ್ಕಿದೆ. ಇದೀಗ ಮಹಿಳೆ ಯು-ಟರ್ನ್ ಹೊಡೆದಿದ್ದಾರೆ. ವಿಡಿಯೋ ರಿಲೀಸ್ ಮಾಡಿರುವ ಅವರು, ತಾನು ಯಾವುದೇ ರೀತಿಯ ಲೈಂಗಿಕ ದೌರ್ಜನ್ಯಕ್ಕೆ ಒಳಗಾಗಿಲ್ಲ. ತನ್ನ ಮತ್ತು ಸ್ವಾಮೀಜಿ ನಡುವೆ ಯಾವುದೇ ಸಂಬಂಧವಿಲ್ಲ ಎಂದು ಸ್ಪಷ್ಟಪಡಿಸಿದ್ದಾರೆ. ನನ್ನ ಹೆಸರಿನಲ್ಲಿ ಯಾರೋ ದೂರು ದಾಖಲಿಸಿದ್ದಾರೆ. ಆದ್ದರಿಂದ ನಾನೂ ಈ ಪ್ರಕರಣಕ್ಕೂ ಯಾವುದೇ ಸಂಬಂಧವಿಲ್ಲ ಎಂದು ಹೇಳಿದ್ದಾರೆ. ಸ್ವಾಮೀಜಿ 60ರ ದಶಕ ನೀಡಿದ್ದು ಅವರ ಅಭಿಪ್ರಾಯ ಯಾರದೋ ಪ್ರೇರಣೆ ಎಂದು ತಿಳಿಸಿದ್ದಾರೆ. ...(ಕೋನಿಯ ಪುಟಕ್ಕೆ)

ಪಂಚಭೂತಗಳಲ್ಲಿ ಲೀನವಾದ ಭಾರತೀಯ ಸಂಗೀತ ದಿಗ್ಗಜೆ ಸರ್ಕಾರಿ ಗೌರವಗಳೊಂದಿಗೆ ಆಶಾ ಭೋಸ್ಲೆ ಅಂತ್ಯಕ್ರಿಯೆ

ಮುಂಬೈ (ಮಹಾರಾಷ್ಟ್ರ) ಏ.13- ಖ್ಯಾತ ಹಿನ್ನೆಲೆ ಗಾಯಕಿ ಆಶಾ ಭೋಸ್ಲೆ ಏಪ್ರಿಲ್ 12ರಂದು ತಮ್ಮ 92ನೇ ವಯಸ್ಸಿನಲ್ಲಿ ನಿಧನರಾದರು. ಅನಾರೋಗ್ಯದಿಂದ ಬಳಲುತ್ತಿದ್ದ ಅವರನ್ನು ಶನಿವಾರ ಸಂಜೆ ಬ್ರೀಚ್ ಕ್ಯಾಂಡಿ ಆಸ್ಪತ್ರೆಗೆ ದಾಖಲಿಸಲಾಗಿತ್ತು. ಹಿಂದಿ ಚಲನಚಿತ್ರ ಸಂಗೀತದ ಪೀಳಿಗೆಗಳನ್ನು ವ್ಯಾಖ್ಯಾನಿಸಿತು. ಅನುಭವಿ ಗಾಯಕಿ ಆಶಾ ಭೋಸ್ಲೆ ಅವರ ಅಂತ್ಯಕ್ರಿಯೆಯು ಸೋಮವಾರ ಸಂಜೆ ಮುಂಬೈನ ಶಿವಾಜಿ ಪಾರ್ಕ್‌ನಲ್ಲಿ ಸಂಪೂರ್ಣ ಸರ್ಕಾರಿ ಗೌರವಗಳೊಂದಿಗೆ ನೆರವೇರಿತು. ಭಾರತೀಯ ಸಂಗೀತ ಕ್ಷೇತ್ರದ ಮಹಾನ್ ಗಾಯಕಿಗೆ ಅಂತಿಮ ನಮನ ಸಲ್ಲಿಸಲು ಸಾವಿರಾರು ಅಭಿಮಾನಿಗಳು ಜಮಾಯಿಸಿದ್ದರು. ಸೆಪ್ಟೆಂಬರ್ 8, 1933ರಂದು ಮಹಾರಾಷ್ಟ್ರದ ಸಾಂಗ್ಲಿಯಲ್ಲಿ ಮಂಗೇಶ್ಕರ್ ಕುಟುಂಬದಲ್ಲಿ ಜನಿಸಿದರು.

ಚುನಾವಣೆ ಒತ್ತಡಕ್ಕೆ ಮಣಿಯಬೇಡಿ ಮತದಾರರ ಹಕ್ಕು ಕಾಪಾಡಿ:
ಚುನಾವಣಾ ಆಯೋಗಕ್ಕೆ ಸುಪ್ರೀಂ ಕೋರ್ಟ್ ಸೂಚನೆ

ಹೊಸದಿಲ್ಲಿ,ಏ.13-ಪಶ್ಚಿಮಬಂಗಾಳದಲ್ಲಿ ನಡೆಯುತ್ತಿರುವ ಮತದಾರರ ಪಟ್ಟಿಯ ವಿಶೇಷ ತೀವ್ರ ಪರಿಷ್ಕರಣೆ (ಎಸ್‌ಐಆರ್) ಕುರಿತು ಸುಪ್ರೀಂ ಕೋರ್ಟ್ ಕಳವಳ ವ್ಯಕ್ತಪಡಿಸಿದೆ. ಮುಂಬರುವ ಚುನಾವಣೆಗಳ ಒತ್ತಡದಲ್ಲಿ ಪ್ರಕ್ರಿಯೆಯು ವಿಕೃತಗೊಳ್ಳಬಾರದು ಎಂದು ಹೇಳಿದೆ. ಮತದಾರರ ಪಟ್ಟಿಯಲ್ಲಿ ಅರ್ಹ ಮತದಾರರ ಹಕ್ಕು ಹೊಂದಿದ್ದಾರೆ ಎಂದು ನ್ಯಾಯಮೂರ್ತಿ ಸೂರ್ಯ ಕಾಂತ್ ನ್ಯಾಯಮೂರ್ತಿ ಜಾಯ್ಮಾಲ್ಯ ಬಾಗ್ಚಿ ಅವರನ್ನೊಳಗೊಂಡ ಪೀಠವು, ಮತದಾರರ ಪಟ್ಟಿಯಿಂದ ಹೆಸರು ಕೈಬಿಡಲಾದವರ ಮೇಲ್ಮನವಿಗಳ ವಿಚಾರಣೆ ನಡೆಸಿ ಸಲ್ಲಿಸಲಾದ ರಿಟ್ ಅರ್ಜಿಯನ್ನು ವಿಚಾರಣೆ ನಡೆಸಿತು.

ನವ ಭಾರತದ ನಾಯಕತ್ವ ಈಗ ಮಹಿಳೆಯರ ಕೈಗೆ
ಸರ್ವಪಕ್ಷಗಳ ಸಹಕಾರದೊಂದಿಗೆ ಇತಿಹಾಸ ಬರೆಯಲು ದೇಶ ಸಿದ್ಧ: ಪ್ರಧಾನಿ ಮೋದಿ

ನವದೆಹಲಿ ಏ.13- 21ನೇ ಶತಮಾನದಲ್ಲಿ ಭಾರತ ಅತಿ ದೊಡ್ಡ ನಿರ್ಧಾರ ಕೈಗೊಳ್ಳುತ್ತಿದೆ. ಪ್ರಧಾನಮಂತ್ರಿ ನರೇಂದ್ರ ಮೋದಿ ಅವರು ಶಾಸಕಾಂಗದಲ್ಲಿ ಮಹಿಳೆಯರಿಗೆ ಮೀಸಲಾತಿಯ ಪ್ರಸ್ತಾವನೆ ಕುರಿತ ಸರ್ವಪಕ್ಷ ಸಭೆಯ ನಂತರ ಮಾತನಾಡಿ, ಭಾರತದ ಲೋಕಸಭೆ ಮೋದಿ ಬಣ್ಣಿಸಿದ್ದಾರೆ. ದೆಹಲಿಯ ವಿಜ್ಞಾನ ಭವನದಲ್ಲಿ

ನಾರಿ ಶಕ್ತಿ ಸಮ್ಮೇಳನದಲ್ಲಿ ಅವರು ಮಾತನಾಡಿದರು. ದೇಶದ ಅಭಿವೃದ್ಧಿಯಲ್ಲಿ ಮಹಿಳೆಯರ ಪಾತ್ರ ಮಹತ್ವದ್ದಾಗಿದೆ. ರಾಷ್ಟ್ರ ನಿರ್ಮಾಣದಲ್ಲಿ ಅವರ ಕೊಡುಗೆ ಅಪಾರವಾಗಿದೆ. ಭಾರತವು 21ನೇ ಶತಮಾನದ ದೊಡ್ಡ ನಿರ್ಧಾರಗಳನ್ನು ಕೈಗೊಳ್ಳುವ ಮೂಲಕ ಮುಂದಾಗಿದೆ. ಈ ನಿರ್ಧಾರವು ಎಲ್ಲ ನಾರಿ ಶಕ್ತಿಗೆ ಸಮರ್ಪಿತವಾಗಿದೆ

ಎಂದರು. ಇದು ಭೂತಕಾಲದ ದೃಷ್ಟಿಕೋನವನ್ನು ಬದಲಾಯಿಸುವ ಮತ್ತು ಸಾಮಾಜಿಕ ನ್ಯಾಯವನ್ನು ಖಾತ್ರಿಪಡಿಸುವ ಕ್ಷಣವಾಗಿದೆ. ಮಹಿಳೆಯರ ಭಾಗವಹಿಸುವಿಕೆಯನ್ನು ಹೆಚ್ಚಿಸುವುದು ಸರ್ಕಾರದ ಗುರಿಯಾಗಿದೆ. ಈ ನಿರ್ಧಾರವು ಸಮಾನತೆಯ ಭಾರತಕ್ಕಾಗಿ ಲೆಗಸಿಯಾಗಿ ಉಳಿಯಲಿದೆ. ಸಮಾನತೆಯ ಭಾರತಕ್ಕಾಗಿ ಲೆಗಸಿಯಾಗುವ ಮಹತ್ವದ ನಿರ್ಣಯ ...(ಕೋನಿಯ ಪುಟಕ್ಕೆ)

ಬಿಹಾರದಲ್ಲಿ ಹೊಸ ಸರ್ಕಾರ ರಚನೆಗೆ ವೇದಿಕೆ ಸಿದ್ಧ
ನಿತೀಶ್ ರಾಜೀನಾಮೆ ಬಳಿಕ ಬಿಜೆಪಿಯಿಂದ ಸಿಎಂ ಆಯ್ಕೆ

ಪಾಟ್ನಾ (ಬಿಹಾರ): ಬಿಹಾರದಲ್ಲಿ ಎನ್ಡಿಎ ಹೊಸ ಸರ್ಕಾರ ರಚನೆಗೆ ಸಿದ್ಧತೆ ನಡೆದಿದೆ. ಮುಖ್ಯಮಂತ್ರಿ ನಿತೀಶ್ ಕುಮಾರ್ ರಾಜೀನಾಮೆ ನೀಡುವ ಸಾಧ್ಯತೆ ಇದ್ದು, ಬಿಜೆಪಿಯಿಂದ ಹೊಸ ಮುಖ್ಯಮಂತ್ರಿ ಆಯ್ಕೆ ಮಾಡಲು ವೇದಿಕೆ ಸಜ್ಜಾಗಿದೆ. ಪುಷ್ಪಾರ್ಚನೆ ಸಲ್ಲಿಸಿದ ಬಳಿಕ ಸಂಪುಟ ಸಭೆ ಆಯೋಜಿಸಲಾಗಿದೆ. ಮಾರ್ಚ್ 30 ರಂದು ನಿತೀಶ್ ಕುಮಾರ್ ರಾಜ್ಯಸಭೆಗೆ ಆಯ್ಕೆಯಾದ ನಂತರ ರಾಜೀನಾಮೆ ಸಲ್ಲಿಸಲಿದ್ದಾರೆ. ಏಪ್ರಿಲ್ 10ರಂದು ರಾಜ್ಯಸಭಾ ಸದಸ್ಯರಾಗಿ ಪ್ರಮಾಣ ವಚನ ಸ್ವೀಕರಿಸಿದ್ದಾರೆ. ಸಂಪುಟ ಸಭೆಯಲ್ಲಿ ಬಿಜೆಪಿ ಪ್ರಮುಖ ಅಭ್ಯರ್ಥಿಗಳ ಹೆಸರುಗಳನ್ನು ಚರ್ಚಿಸಲಾಗಿದೆ. ಸಭೆಯಲ್ಲಿ ರಾಜ್ಯದ ಸಮಗ್ರ ಅಭಿವೃದ್ಧಿಯ ಕುರಿತು ನಿರ್ಧಾರ ಕೈಗೊಳ್ಳಲಾಗುವುದು. ಅಂಬೇಡ್ಕರ್ ಜಯಂತಿಯಂದು ಮತ್ತು ಸರ್ಕಾರದ ಅಭಿವೃದ್ಧಿಯ ನಾಳೆ ಕೊನೆಯ ಸಚಿವ ಸಂಪುಟ ಸಭೆ ಬಗ್ಗೆ ನಿತೀಶ್ ಅವರ ದೃಷ್ಟಿಕೋನ ಮತ್ತು ನಡೆಯಲಿದೆ. ಅಂಬೇಡ್ಕರ್ ಪ್ರತಿಮೆಗೆ ಕಳೆದ ವರುಷ ...(ಕೋನಿಯ ಪುಟಕ್ಕೆ)
